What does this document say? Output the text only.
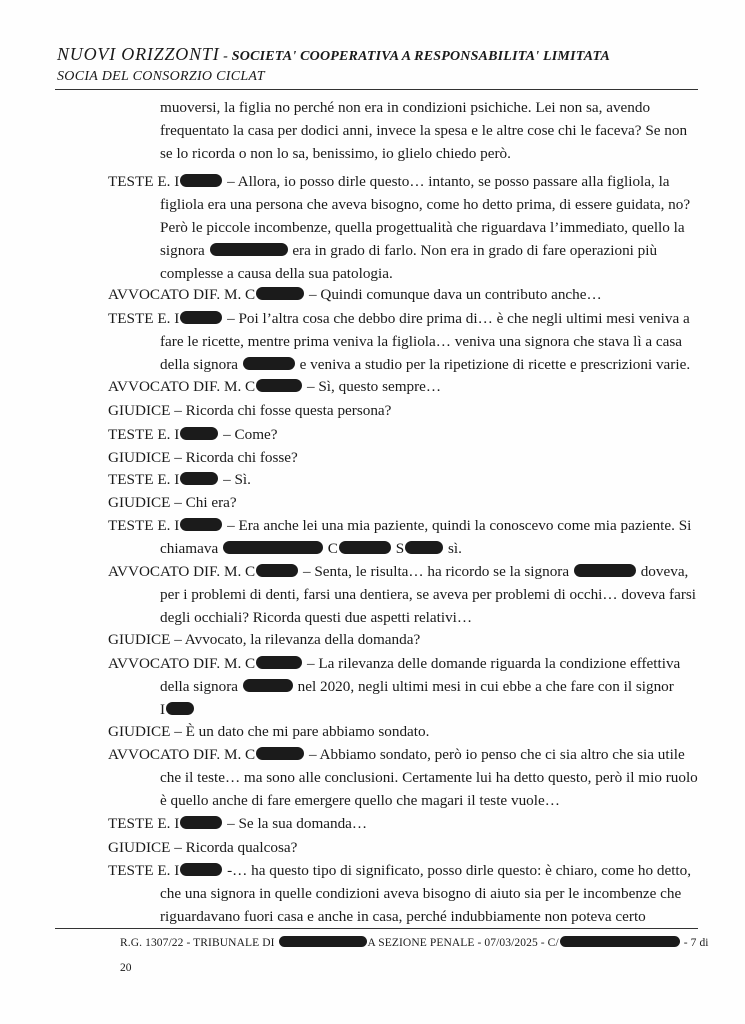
NUOVI ORIZZONTI - SOCIETA' COOPERATIVA A RESPONSABILITA' LIMITATA
SOCIA DEL CONSORZIO CICLAT
muoversi, la figlia no perché non era in condizioni psichiche. Lei non sa, avendo
frequentato la casa per dodici anni, invece la spesa e le altre cose chi le faceva? Se non
se lo ricorda o non lo sa, benissimo, io glielo chiedo però.
TESTE E. I	– Allora, io posso dirle questo… intanto, se posso passare alla figliola, la
figliola era una persona che aveva bisogno, come ho detto prima, di essere guidata, no?
Però le piccole incombenze, quella progettualità che riguardava l’immediato, quello la
signora	era in grado di farlo. Non era in grado di fare operazioni più
complesse a causa della sua patologia.
AVVOCATO DIF. M. C	– Quindi comunque dava un contributo anche…
TESTE E. I	– Poi l’altra cosa che debbo dire prima di… è che negli ultimi mesi veniva a
fare le ricette, mentre prima veniva la figliola… veniva una signora che stava lì a casa
della signora	e veniva a studio per la ripetizione di ricette e prescrizioni varie.
AVVOCATO DIF. M. C	– Sì, questo sempre…
GIUDICE – Ricorda chi fosse questa persona?
TESTE E. I	– Come?
GIUDICE – Ricorda chi fosse?
TESTE E. I	– Sì.
GIUDICE – Chi era?
TESTE E. I	– Era anche lei una mia paziente, quindi la conoscevo come mia paziente. Si
chiamava	C	S	sì.
AVVOCATO DIF. M. C	– Senta, le risulta… ha ricordo se la signora	doveva,
per i problemi di denti, farsi una dentiera, se aveva per problemi di occhi… doveva farsi
degli occhiali? Ricorda questi due aspetti relativi…
GIUDICE – Avvocato, la rilevanza della domanda?
AVVOCATO DIF. M. C	– La rilevanza delle domande riguarda la condizione effettiva
della signora	nel 2020, negli ultimi mesi in cui ebbe a che fare con il signor
I
GIUDICE – È un dato che mi pare abbiamo sondato.
AVVOCATO DIF. M. C	– Abbiamo sondato, però io penso che ci sia altro che sia utile
che il teste… ma sono alle conclusioni. Certamente lui ha detto questo, però il mio ruolo
è quello anche di fare emergere quello che magari il teste vuole…
TESTE E. I	– Se la sua domanda…
GIUDICE – Ricorda qualcosa?
TESTE E. I	-… ha questo tipo di significato, posso dirle questo: è chiaro, come ho detto,
che una signora in quelle condizioni aveva bisogno di aiuto sia per le incombenze che
riguardavano fuori casa e anche in casa, perché indubbiamente non poteva certo
R.G. 1307/22 - TRIBUNALE DI	A SEZIONE PENALE - 07/03/2025 - C/	- 7 di
20
